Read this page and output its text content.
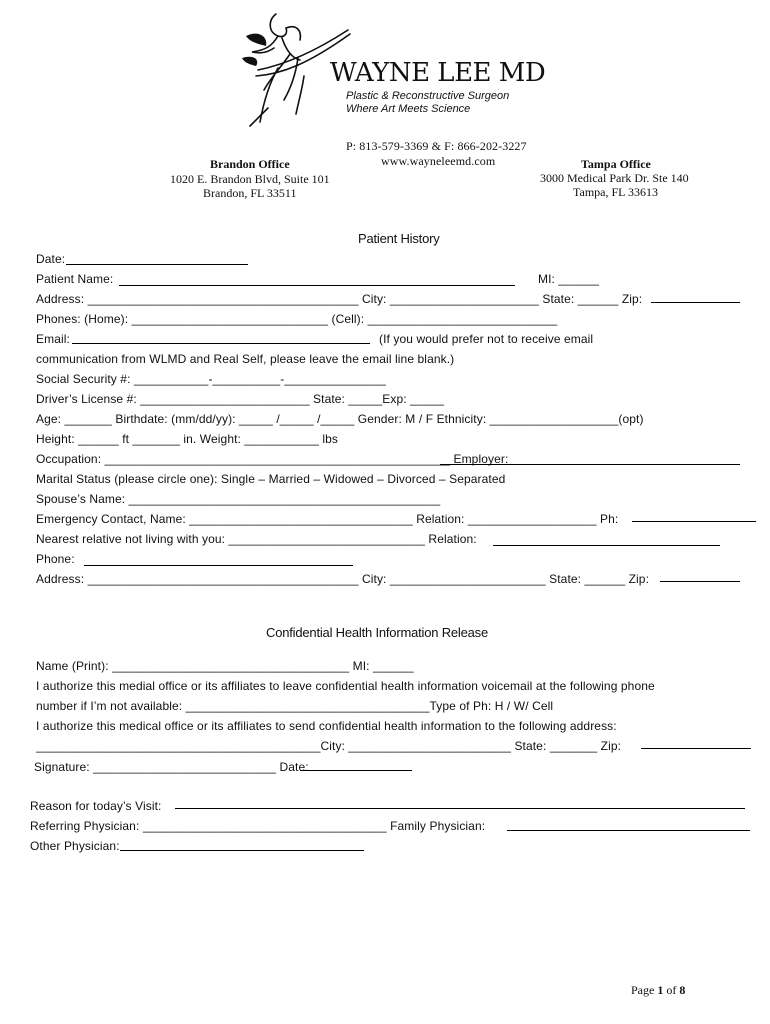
WAYNE LEE MD
Plastic & Reconstructive Surgeon
Where Art Meets Science
P: 813-579-3369 & F: 866-202-3227
www.wayneleemd.com
Brandon Office
1020 E. Brandon Blvd, Suite 101
Brandon, FL 33511
Tampa Office
3000 Medical Park Dr. Ste 140
Tampa, FL 33613
Patient History
Date:
Patient Name:	MI: ______
Address: ________________________________________ City: ______________________ State: ______ Zip:
Phones: (Home): _____________________________ (Cell): ____________________________
Email:	(If you would prefer not to receive email
communication from WLMD and Real Self, please leave the email line blank.)
Social Security #: ___________-__________-_______________
Driver’s License #: _________________________ State: _____Exp: _____
Age: _______ Birthdate: (mm/dd/yy): _____ /_____ /_____ Gender: M / F Ethnicity: ___________________(opt)
Height: ______ ft _______ in. Weight: ___________ lbs
Occupation: ___________________________________________________ Employer:
Marital Status (please circle one): Single – Married – Widowed – Divorced – Separated
Spouse’s Name: ______________________________________________
Emergency Contact, Name: _________________________________ Relation: ___________________ Ph:
Nearest relative not living with you: _____________________________ Relation:
Phone:
Address: ________________________________________ City: _______________________ State: ______ Zip:
Confidential Health Information Release
Name (Print): ___________________________________ MI: ______
I authorize this medial office or its affiliates to leave confidential health information voicemail at the following phone
number if I’m not available: ____________________________________Type of Ph: H / W/ Cell
I authorize this medical office or its affiliates to send confidential health information to the following address:
__________________________________________City: ________________________ State: _______ Zip:
Signature: ___________________________ Date:
Reason for today’s Visit:
Referring Physician: ____________________________________ Family Physician:
Other Physician:
Page 1 of 8
